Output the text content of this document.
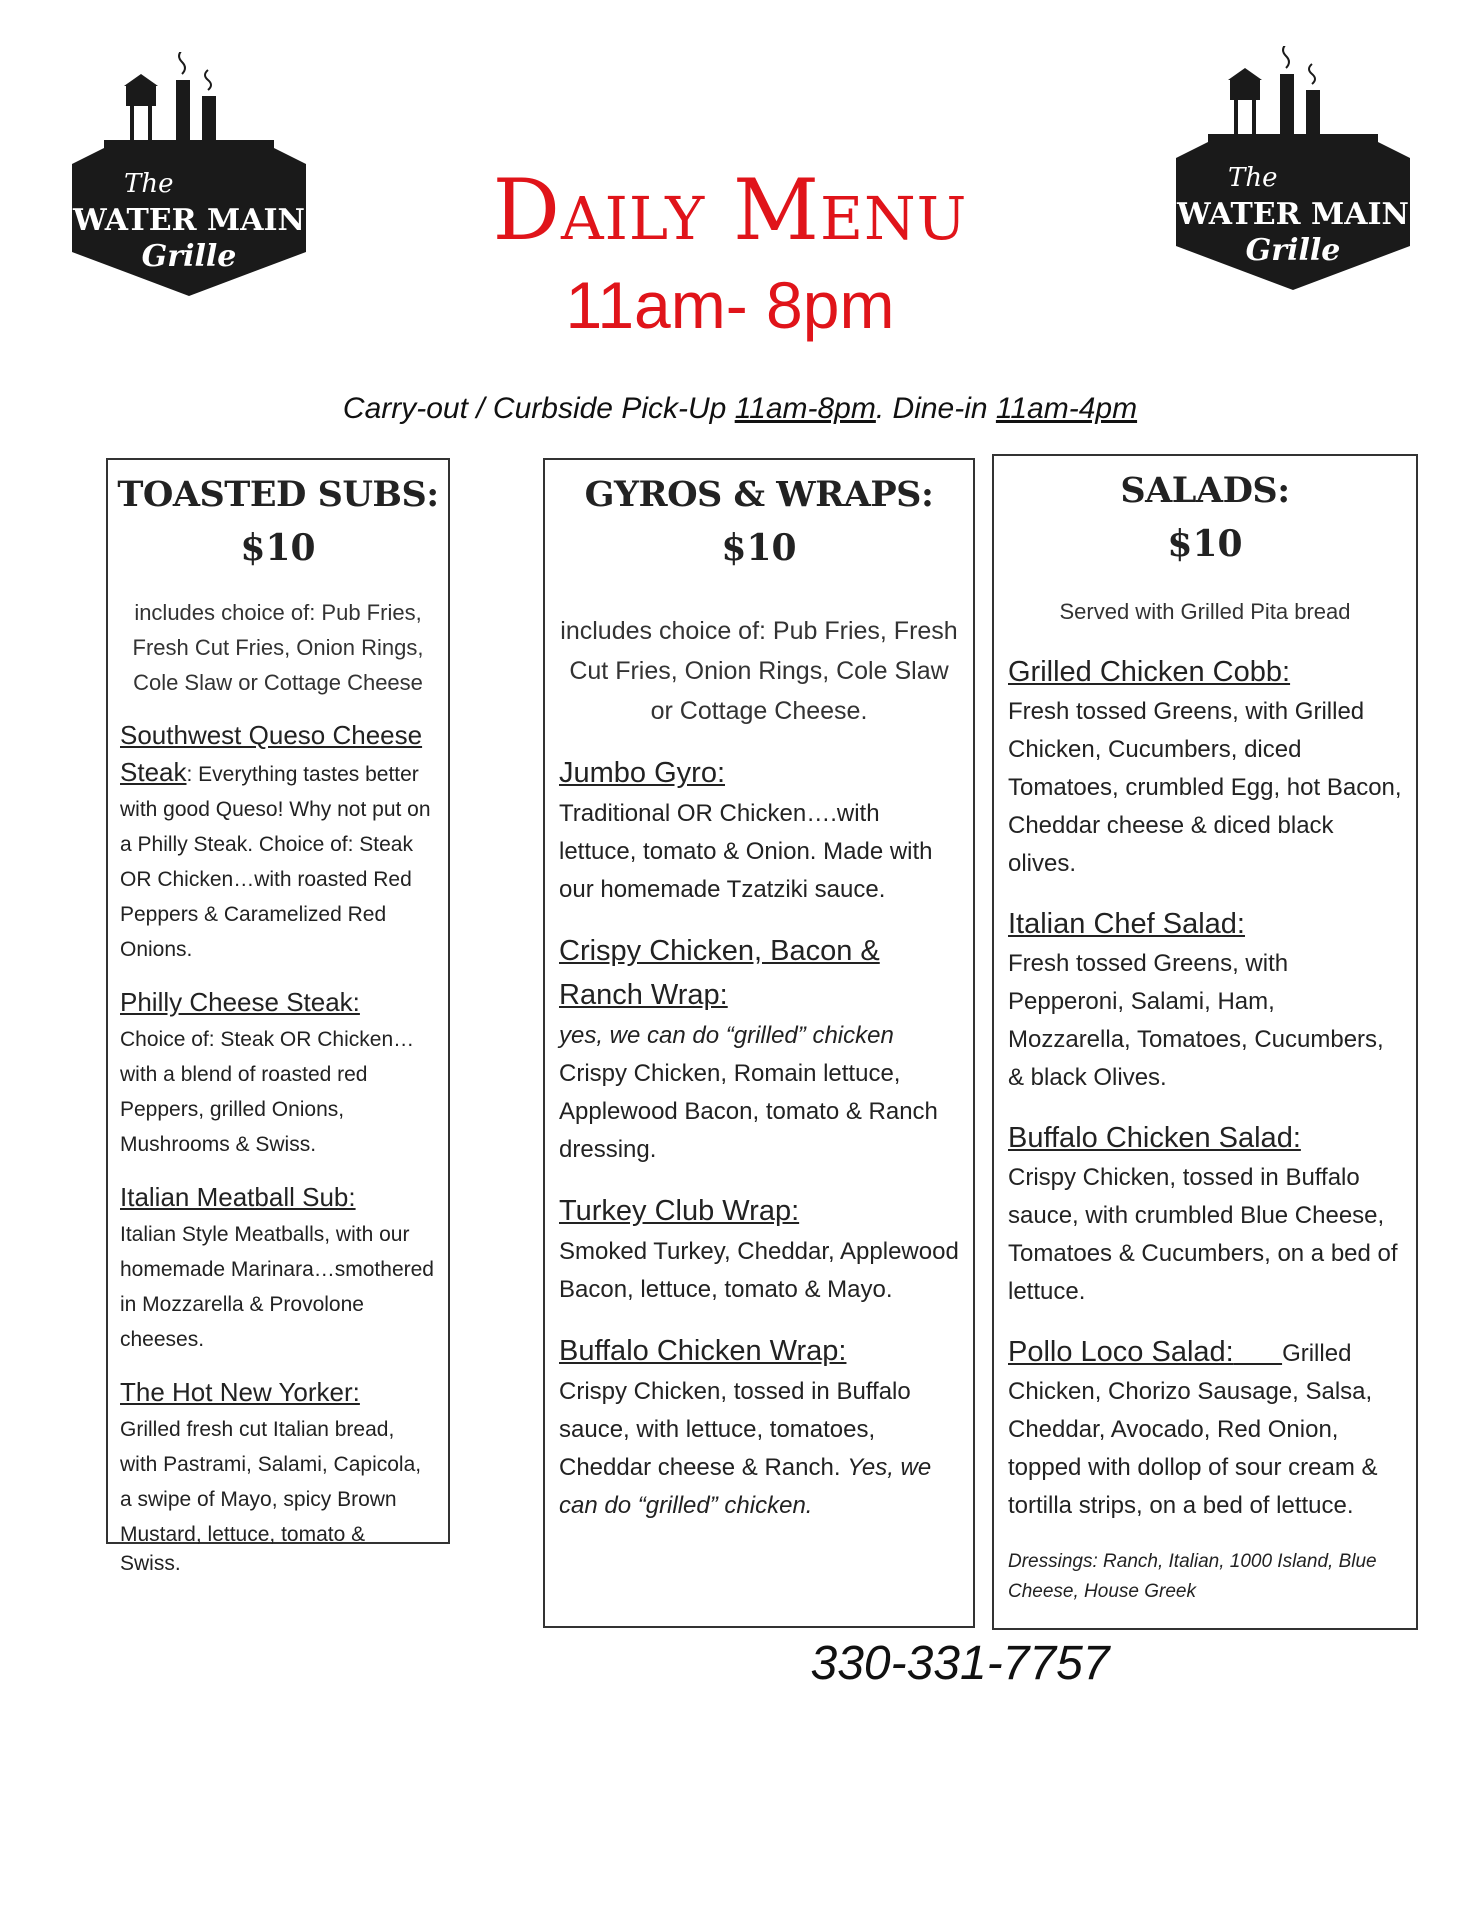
The
WATER MAIN
Grille
The
WATER MAIN
Grille
Daily Menu
11am- 8pm
Carry-out / Curbside Pick-Up 11am-8pm. Dine-in 11am-4pm
TOASTED SUBS:
$10
includes choice of: Pub Fries, Fresh Cut Fries, Onion Rings, Cole Slaw or Cottage Cheese
Southwest Queso Cheese
Steak: Everything tastes better with good Queso! Why not put on a Philly Steak. Choice of: Steak OR Chicken…with roasted Red Peppers & Caramelized Red Onions.
Philly Cheese Steak:
Choice of: Steak OR Chicken…with a blend of roasted red Peppers, grilled Onions, Mushrooms & Swiss.
Italian Meatball Sub:
Italian Style Meatballs, with our homemade Marinara…smothered in Mozzarella & Provolone cheeses.
The Hot New Yorker:
Grilled fresh cut Italian bread, with Pastrami, Salami, Capicola, a swipe of Mayo, spicy Brown Mustard, lettuce, tomato &
Swiss.
GYROS & WRAPS:
$10
includes choice of: Pub Fries, Fresh Cut Fries, Onion Rings, Cole Slaw or Cottage Cheese.
Jumbo Gyro:
Traditional OR Chicken….with lettuce, tomato & Onion. Made with our homemade Tzatziki sauce.
Crispy Chicken, Bacon & Ranch Wrap:
yes, we can do “grilled” chicken
Crispy Chicken, Romain lettuce, Applewood Bacon, tomato & Ranch dressing.
Turkey Club Wrap:
Smoked Turkey, Cheddar, Applewood Bacon, lettuce, tomato & Mayo.
Buffalo Chicken Wrap:
Crispy Chicken, tossed in Buffalo sauce, with lettuce, tomatoes, Cheddar cheese & Ranch. Yes, we can do “grilled” chicken.
SALADS:
$10
Served with Grilled Pita bread
Grilled Chicken Cobb:
Fresh tossed Greens, with Grilled Chicken, Cucumbers, diced Tomatoes, crumbled Egg, hot Bacon, Cheddar cheese & diced black olives.
Italian Chef Salad:
Fresh tossed Greens, with Pepperoni, Salami, Ham, Mozzarella, Tomatoes, Cucumbers, & black Olives.
Buffalo Chicken Salad:
Crispy Chicken, tossed in Buffalo sauce, with crumbled Blue Cheese, Tomatoes & Cucumbers, on a bed of lettuce.
Pollo Loco Salad: Grilled Chicken, Chorizo Sausage, Salsa, Cheddar, Avocado, Red Onion, topped with dollop of sour cream & tortilla strips, on a bed of lettuce.
Dressings: Ranch, Italian, 1000 Island, Blue Cheese, House Greek
330-331-7757
